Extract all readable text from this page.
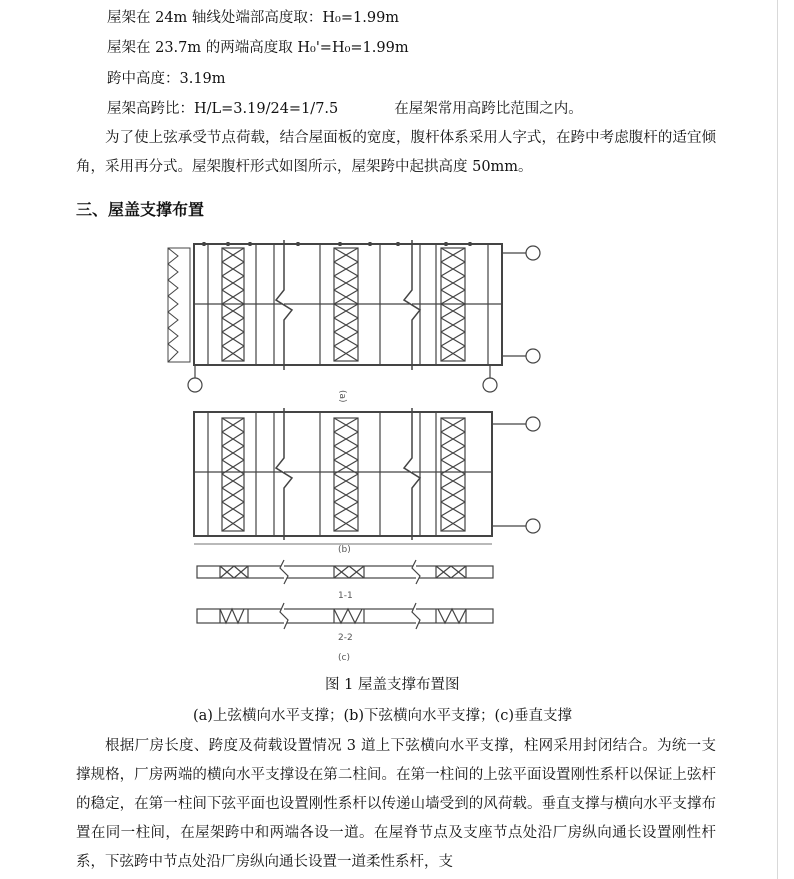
屋架在 24m 轴线处端部高度取：H₀=1.99m
屋架在 23.7m 的两端高度取 H₀'=H₀=1.99m
跨中高度：3.19m
屋架高跨比：H/L=3.19/24=1/7.5	在屋架常用高跨比范围之内。
为了使上弦承受节点荷载，结合屋面板的宽度，腹杆体系采用人字式，在跨中考虑腹杆的适宜倾角，采用再分式。屋架腹杆形式如图所示，屋架跨中起拱高度 50mm。
三、屋盖支撑布置
(a)
(b)
1-1
2-2
(c)
图 1 屋盖支撑布置图
(a)上弦横向水平支撑；(b)下弦横向水平支撑；(c)垂直支撑
根据厂房长度、跨度及荷载设置情况 3 道上下弦横向水平支撑，柱网采用封闭结合。为统一支撑规格，厂房两端的横向水平支撑设在第二柱间。在第一柱间的上弦平面设置刚性系杆以保证上弦杆的稳定，在第一柱间下弦平面也设置刚性系杆以传递山墙受到的风荷载。垂直支撑与横向水平支撑布置在同一柱间，在屋架跨中和两端各设一道。在屋脊节点及支座节点处沿厂房纵向通长设置刚性杆系，下弦跨中节点处沿厂房纵向通长设置一道柔性系杆，支
